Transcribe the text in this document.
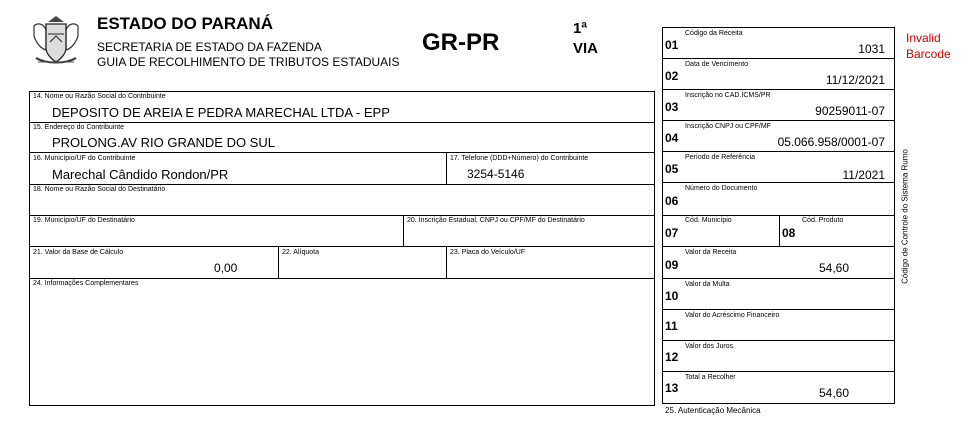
ESTADO DO PARANÁ
SECRETARIA DE ESTADO DA FAZENDA
GUIA DE RECOLHIMENTO DE TRIBUTOS ESTADUAIS
GR-PR
1ª
VIA
Invalid
Barcode
14. Nome ou Razão Social do Contribuinte
DEPOSITO DE AREIA E PEDRA MARECHAL LTDA - EPP
15. Endereço do Contribuinte
PROLONG.AV RIO GRANDE DO SUL
16. Município/UF do Contribuinte
Marechal Cândido Rondon/PR
17. Telefone (DDD+Número) do Contribuinte
3254-5146
18. Nome ou Razão Social do Destinatário
19. Município/UF do Destinatário	20. Inscrição Estadual, CNPJ ou CPF/MF do Destinatário
21. Valor da Base de Cálculo
0,00
22. Alíquota	23. Placa do Veículo/UF
24. Informações Complementares
01
Código da Receita
1031
02
Data de Vencimento
11/12/2021
03
Inscrição no CAD.ICMS/PR
90259011-07
04
Inscrição CNPJ ou CPF/MF
05.066.958/0001-07
05
Período de Referência
11/2021
06
Número do Documento
07
Cód. Município
08
Cód. Produto
09
Valor da Receita
54,60
10
Valor da Multa
11
Valor do Acréscimo Financeiro
12
Valor dos Juros
13
Total a Recolher
54,60
25. Autenticação Mecânica
Código de Controle do Sistema Rumo
